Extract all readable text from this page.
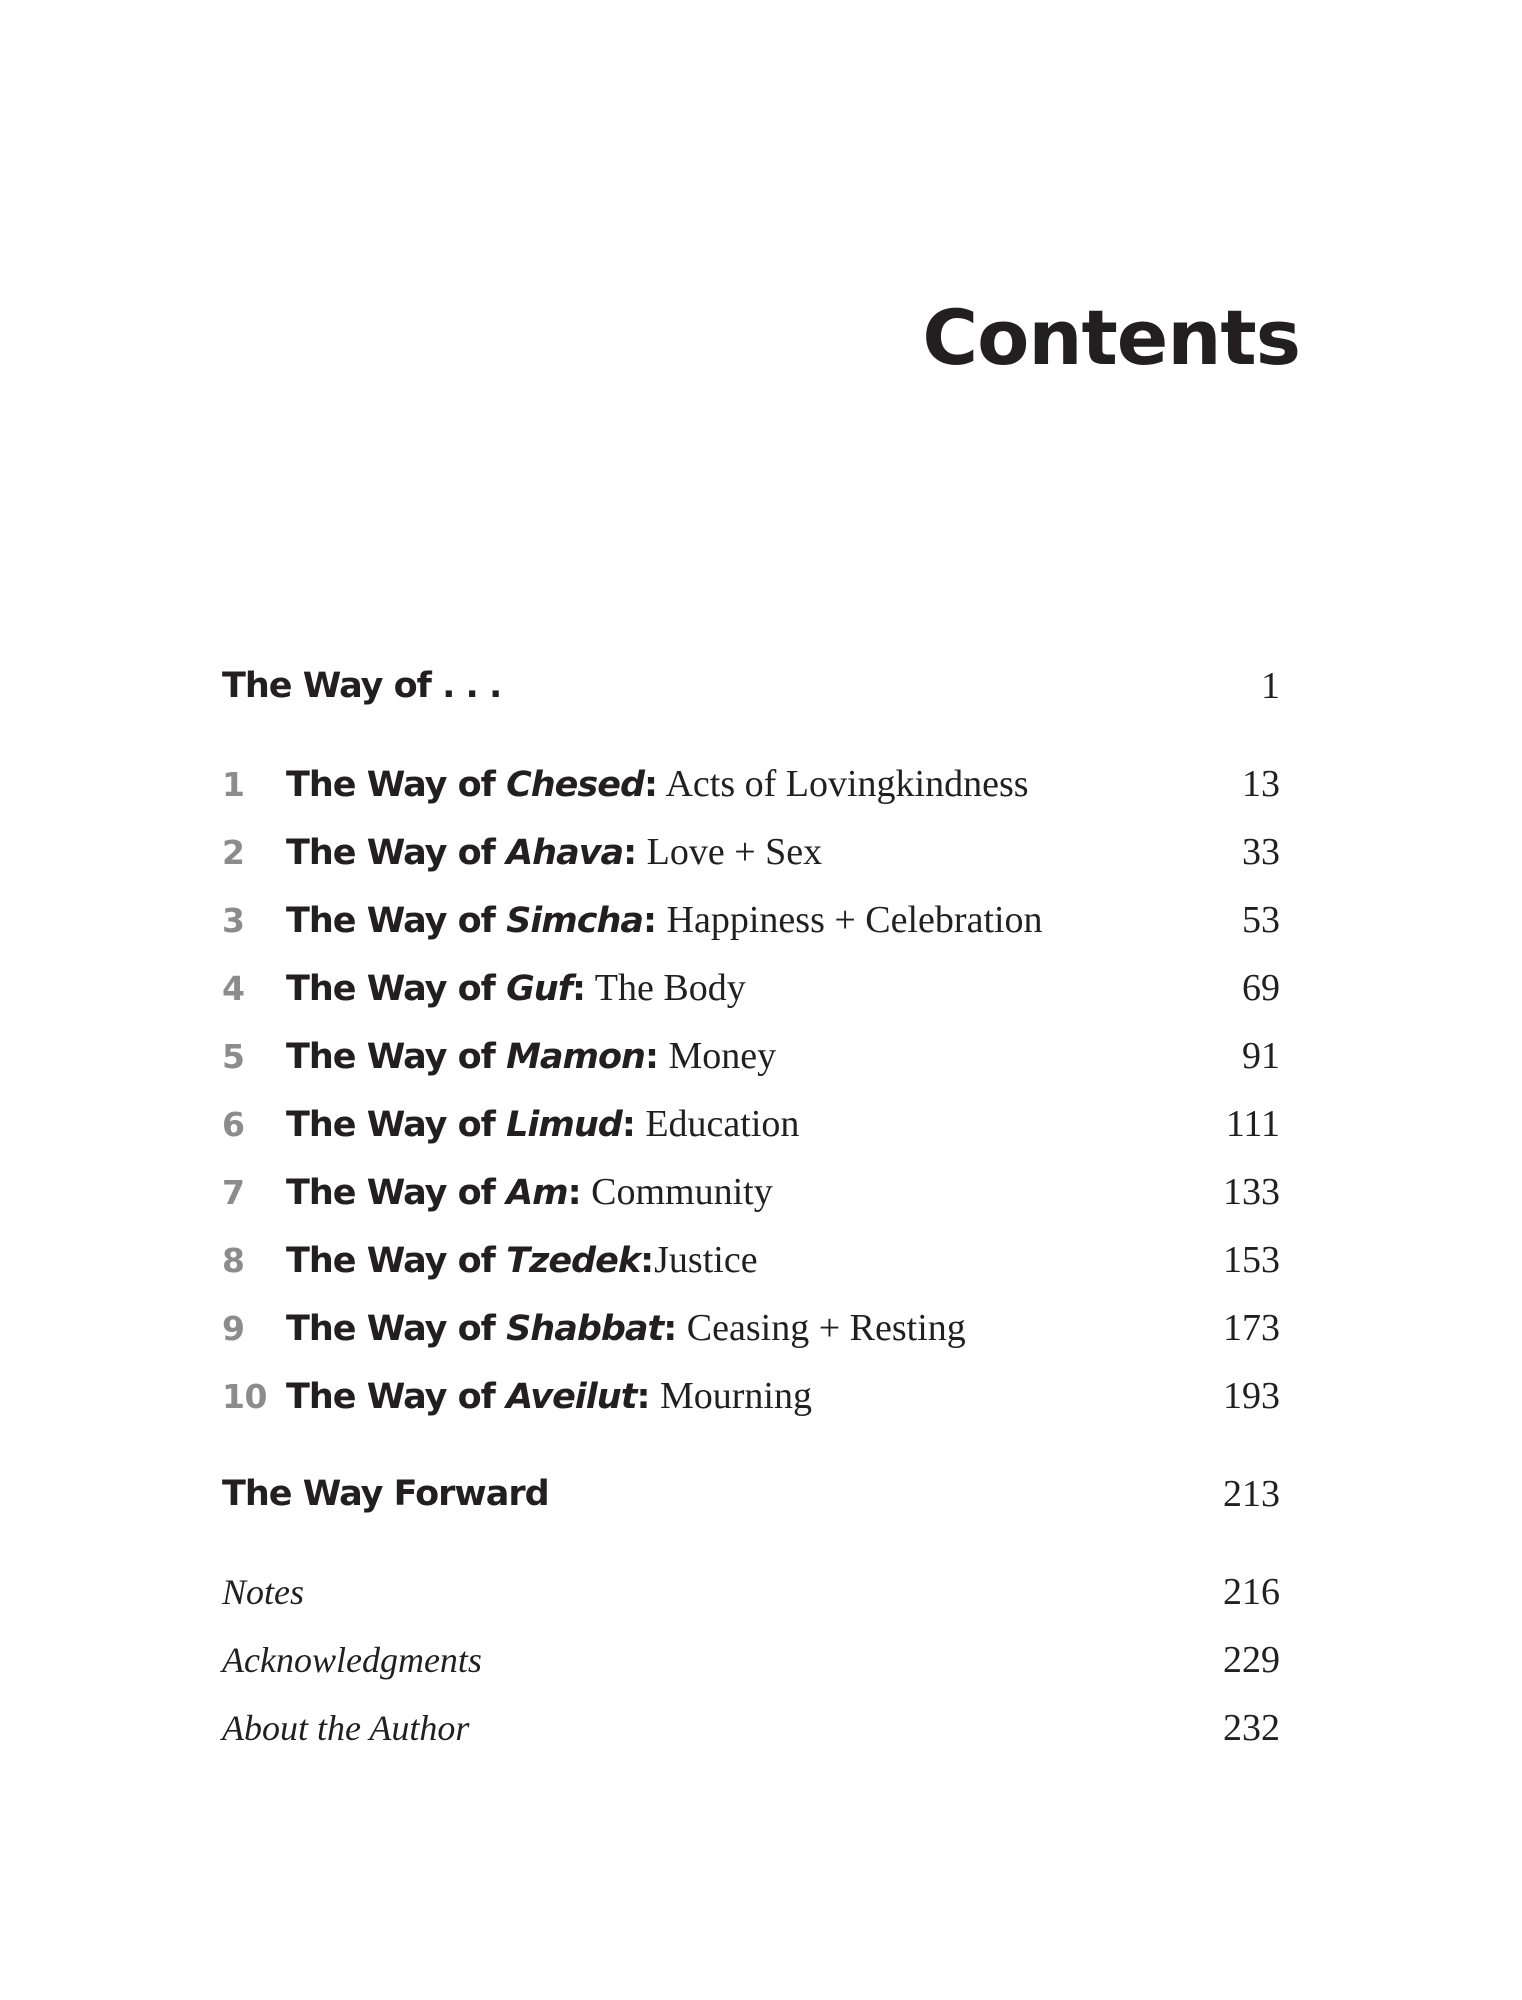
Contents
The Way of . . .	1
1	The Way of Chesed: Acts of Lovingkindness	13
2	The Way of Ahava: Love + Sex	33
3	The Way of Simcha: Happiness + Celebration	53
4	The Way of Guf: The Body	69
5	The Way of Mamon: Money	91
6	The Way of Limud: Education	111
7	The Way of Am: Community	133
8	The Way of Tzedek:Justice	153
9	The Way of Shabbat: Ceasing + Resting	173
10 The Way of Aveilut: Mourning	193
The Way Forward	213
Notes	216
Acknowledgments	229
About the Author	232
